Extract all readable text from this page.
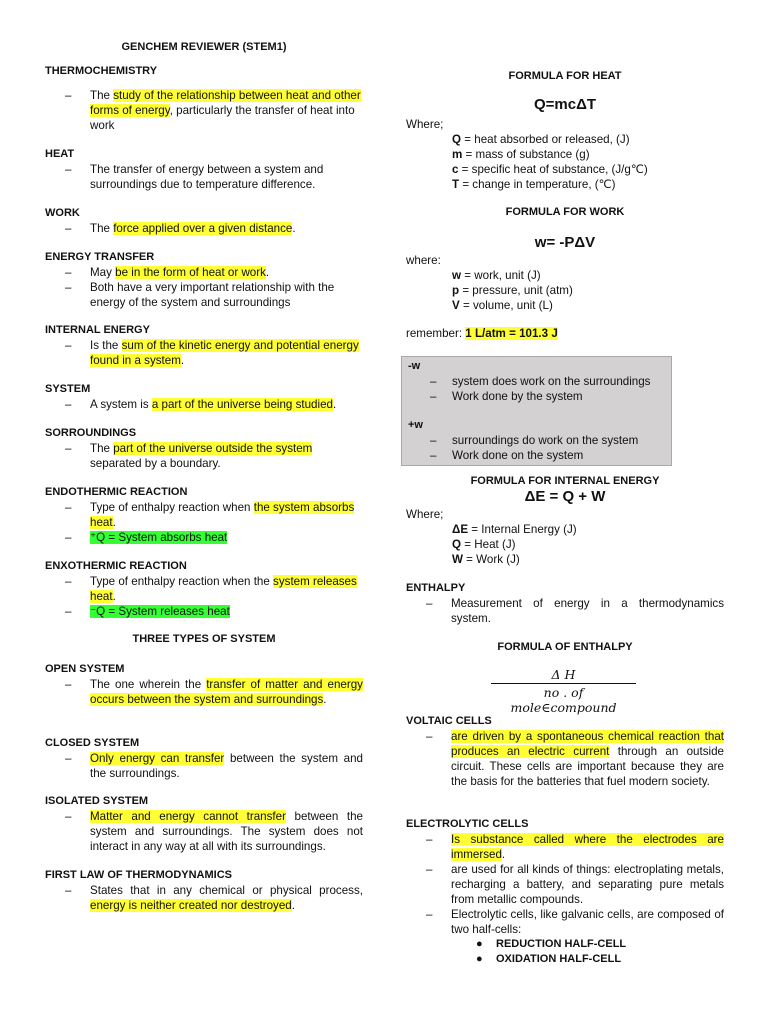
GENCHEM REVIEWER (STEM1)
THERMOCHEMISTRY
– The study of the relationship between heat and other forms of energy, particularly the transfer of heat into work
HEAT
– The transfer of energy between a system and surroundings due to temperature difference.
WORK
– The force applied over a given distance.
ENERGY TRANSFER
– May be in the form of heat or work.
– Both have a very important relationship with the energy of the system and surroundings
INTERNAL ENERGY
– Is the sum of the kinetic energy and potential energy found in a system.
SYSTEM
– A system is a part of the universe being studied.
SORROUNDINGS
– The part of the universe outside the system separated by a boundary.
ENDOTHERMIC REACTION
– Type of enthalpy reaction when the system absorbs heat.
– ⁺Q = System absorbs heat
ENXOTHERMIC REACTION
– Type of enthalpy reaction when the system releases heat.
– ⁻Q = System releases heat
THREE TYPES OF SYSTEM
OPEN SYSTEM
– The one wherein the transfer of matter and energy occurs between the system and surroundings.
CLOSED SYSTEM
– Only energy can transfer between the system and the surroundings.
ISOLATED SYSTEM
– Matter and energy cannot transfer between the system and surroundings. The system does not interact in any way at all with its surroundings.
FIRST LAW OF THERMODYNAMICS
– States that in any chemical or physical process, energy is neither created nor destroyed.
FORMULA FOR HEAT
Q=mcΔT
Where;
Q = heat absorbed or released, (J)
m = mass of substance (g)
c = specific heat of substance, (J/g℃)
T = change in temperature, (℃)
FORMULA FOR WORK
w= -PΔV
where:
w = work, unit (J)
p = pressure, unit (atm)
V = volume, unit (L)
remember: 1 L/atm = 101.3 J
-w
– system does work on the surroundings
– Work done by the system
+w
– surroundings do work on the system
– Work done on the system
FORMULA FOR INTERNAL ENERGY
ΔE = Q + W
Where;
ΔE = Internal Energy (J)
Q = Heat (J)
W = Work (J)
ENTHALPY
– Measurement of energy in a thermodynamics system.
FORMULA OF ENTHALPY
VOLTAIC CELLS
– are driven by a spontaneous chemical reaction that produces an electric current through an outside circuit. These cells are important because they are the basis for the batteries that fuel modern society.
ELECTROLYTIC CELLS
– Is substance called where the electrodes are immersed.
– are used for all kinds of things: electroplating metals, recharging a battery, and separating pure metals from metallic compounds.
– Electrolytic cells, like galvanic cells, are composed of two half-cells:
● REDUCTION HALF-CELL
● OXIDATION HALF-CELL
Δ H
no . of mole∈compound
